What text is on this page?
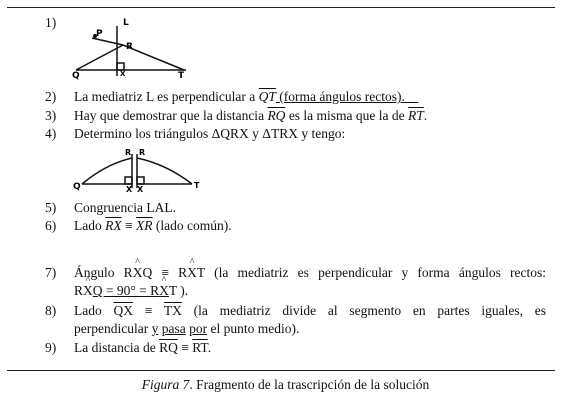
1)	L
P
R
Q	X	T
2) La mediatriz L es perpendicular a $\overline{QT}$ (forma ángulos rectos).
3) Hay que demostrar que la distancia $\overline{RQ}$ es la misma que la de $\overline{RT}$.
4) Determino los triángulos ΔQRX y ΔTRX y tengo:
R R
Q	X X	T
5) Congruencia LAL.
6) Lado $\overline{RX} \equiv \overline{XR}$ (lado común).
7) Ángulo R^ XQ ≡ R^ XT (la mediatriz es perpendicular y forma ángulos rectos:
R^ XQ = 90° = R^ XT ).
8) Lado $\overline{QX} \equiv \overline{TX}$ (la mediatriz divide al segmento en partes iguales, es
perpendicular y pasa por el punto medio).
9) La distancia de $\overline{RQ} \equiv \overline{RT}$.
Figura 7. Fragmento de la trascripción de la solución
